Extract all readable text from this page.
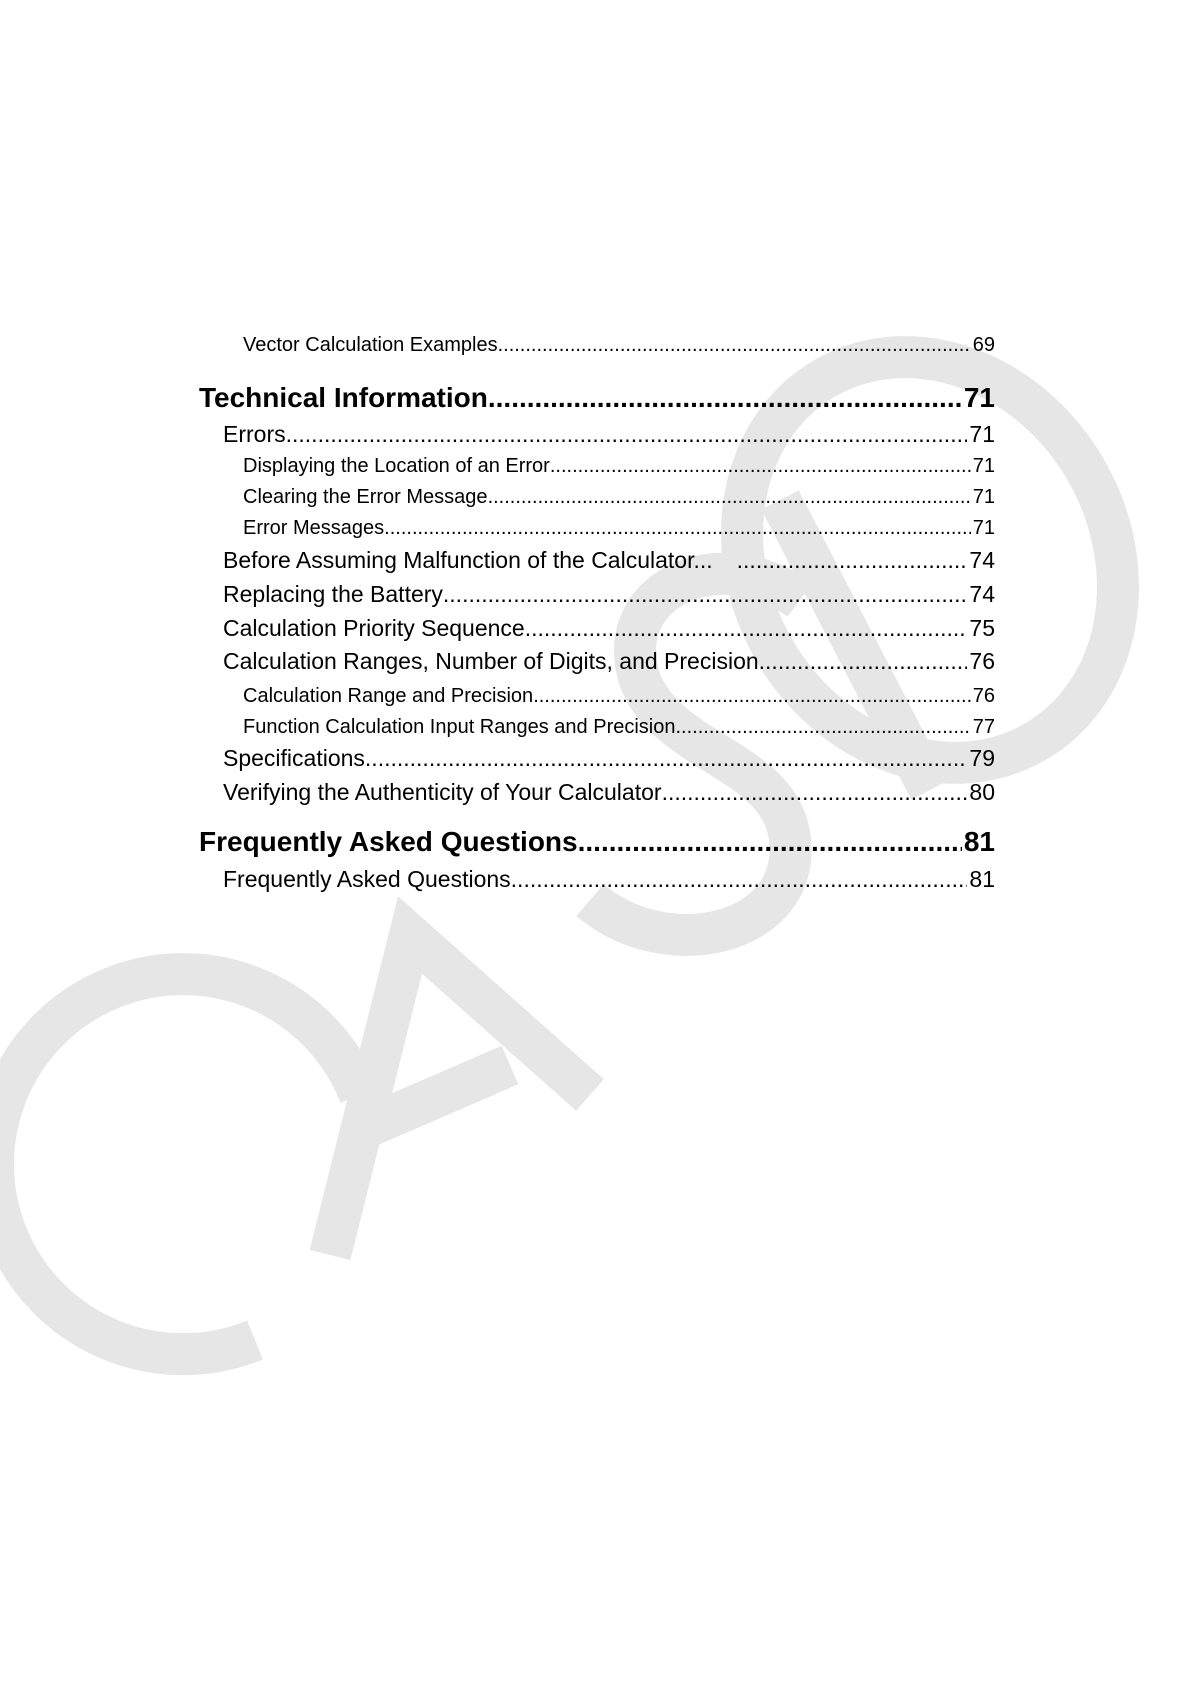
Vector Calculation Examples .....	69
Technical Information .....	71
Errors .....	71
Displaying the Location of an Error .....	71
Clearing the Error Message .....	71
Error Messages .....	71
Before Assuming Malfunction of the Calculator... .....	74
Replacing the Battery .....	74
Calculation Priority Sequence .....	75
Calculation Ranges, Number of Digits, and Precision .....	76
Calculation Range and Precision .....	76
Function Calculation Input Ranges and Precision .....	77
Specifications .....	79
Verifying the Authenticity of Your Calculator .....	80
Frequently Asked Questions .....	81
Frequently Asked Questions .....	81
